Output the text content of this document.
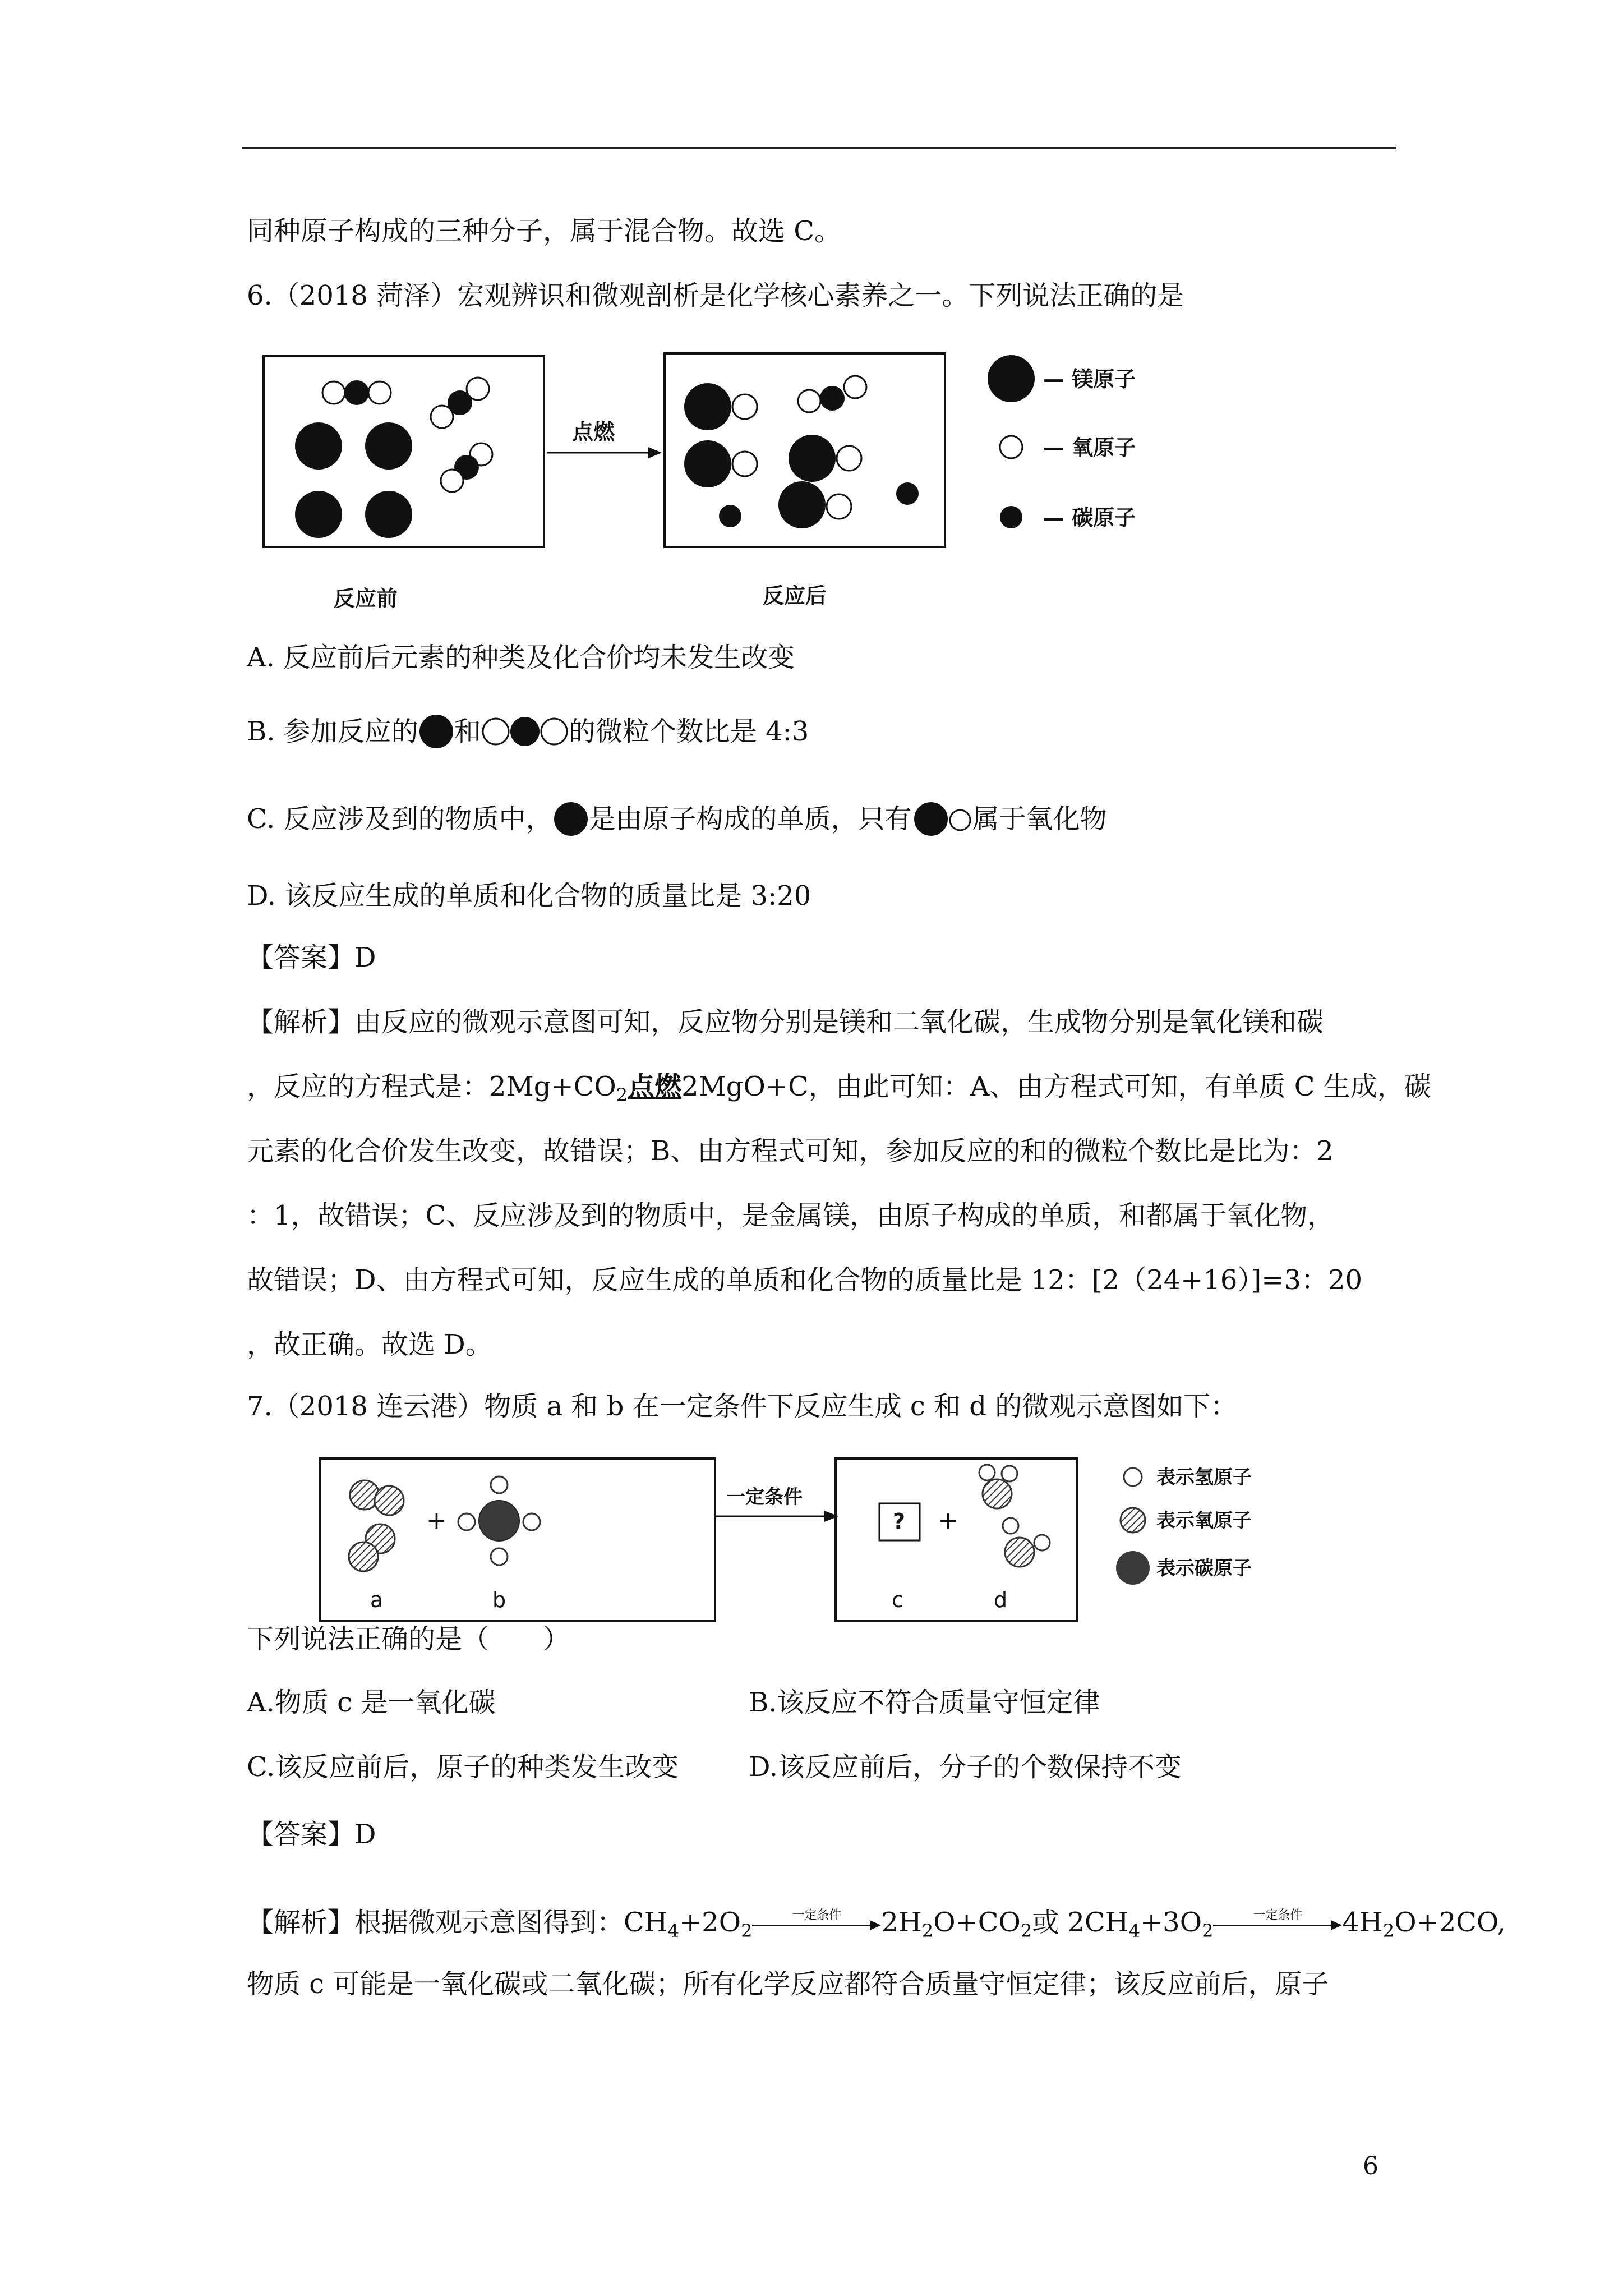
同种原子构成的三种分子，属于混合物。故选 C。
6.（2018 菏泽）宏观辨识和微观剖析是化学核心素养之一。下列说法正确的是
点燃
— 镁原子
— 氧原子
— 碳原子
反应前	反应后
A. 反应前后元素的种类及化合价均未发生改变
B. 参加反应的 和	的微粒个数比是 4:3
C. 反应涉及到的物质中， 是由原子构成的单质，只有 属于氧化物
D. 该反应生成的单质和化合物的质量比是 3:20
【答案】D
【解析】由反应的微观示意图可知，反应物分别是镁和二氧化碳，生成物分别是氧化镁和碳
，反应的方程式是：$2Mg+CO_2$点燃2MgO+C，由此可知：A、由方程式可知，有单质 C 生成，碳
元素的化合价发生改变，故错误；B、由方程式可知，参加反应的和的微粒个数比是比为：2
：1，故错误；C、反应涉及到的物质中，是金属镁，由原子构成的单质，和都属于氧化物，
故错误；D、由方程式可知，反应生成的单质和化合物的质量比是 12：[2（24+16）]=3：20
，故正确。故选 D。
7.（2018 连云港）物质 a 和 b 在一定条件下反应生成 c 和 d 的微观示意图如下：
a
+
b
一定条件
?
c
+
d
表示氢原子
表示氧原子
表示碳原子
下列说法正确的是（　　）
A.物质 c 是一氧化碳	B.该反应不符合质量守恒定律
C.该反应前后，原子的种类发生改变	D.该反应前后，分子的个数保持不变
【答案】D
【解析】根据微观示意图得到：$CH_4+2O_2$
一定条件	$2H_2O+CO_2$或 $2CH_4+3O_2$
一定条件	$4H_2O+2CO$,
物质 c 可能是一氧化碳或二氧化碳；所有化学反应都符合质量守恒定律；该反应前后，原子
6
